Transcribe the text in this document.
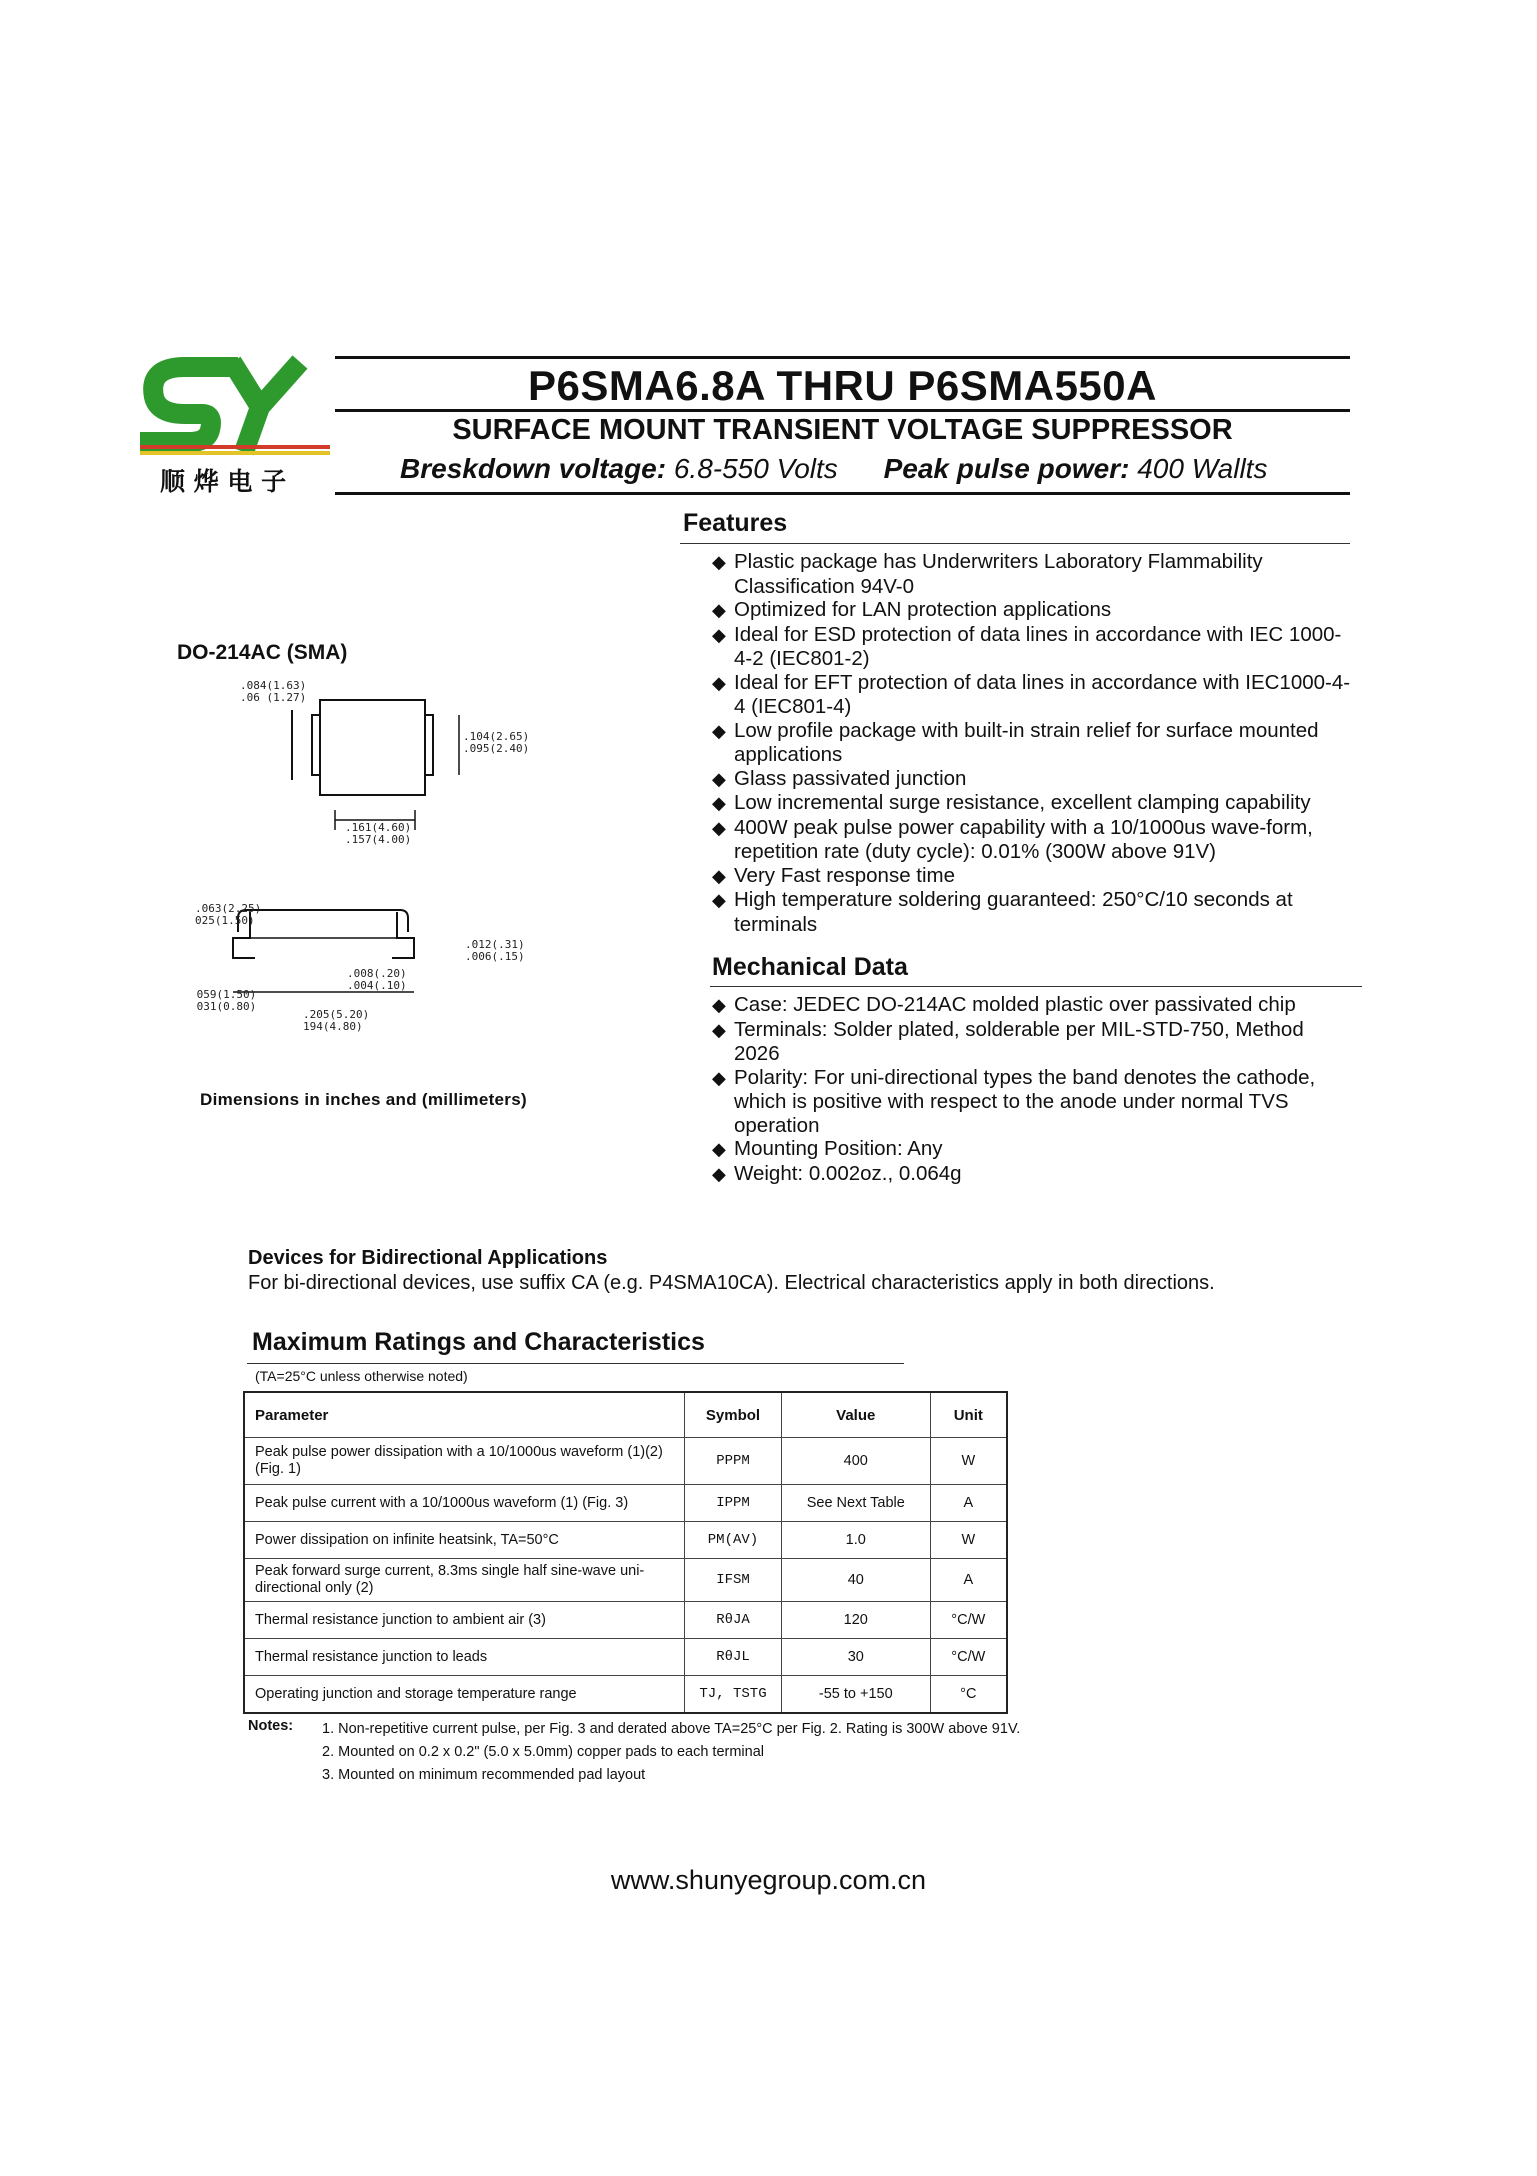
顺 烨 电 子
P6SMA6.8A THRU P6SMA550A
SURFACE MOUNT TRANSIENT VOLTAGE SUPPRESSOR
Breskdown voltage: 6.8-550 Volts Peak pulse power: 400 Wallts
Features
◆ Plastic package has Underwriters Laboratory Flammability Classification 94V-0
◆ Optimized for LAN protection applications
◆ Ideal for ESD protection of data lines in accordance with IEC 1000-4-2 (IEC801-2)
◆ Ideal for EFT protection of data lines in accordance with IEC1000-4-4 (IEC801-4)
◆ Low profile package with built-in strain relief for surface mounted applications
◆ Glass passivated junction
◆ Low incremental surge resistance, excellent clamping capability
◆ 400W peak pulse power capability with a 10/1000us wave-form, repetition rate (duty cycle): 0.01% (300W above 91V)
◆ Very Fast response time
◆ High temperature soldering guaranteed: 250°C/10 seconds at terminals
DO-214AC (SMA)
.084(1.63)
.06 (1.27)
.104(2.65)
.095(2.40)
.161(4.60)
.157(4.00)
.063(2.25)
025(1.50)
.012(.31)
.006(.15)
.008(.20)
.004(.10)
.059(1.50)
.031(0.80)
.205(5.20)
194(4.80)
Dimensions in inches and (millimeters)
Mechanical Data
◆ Case: JEDEC DO-214AC molded plastic over passivated chip
◆ Terminals: Solder plated, solderable per MIL-STD-750, Method 2026
◆ Polarity: For uni-directional types the band denotes the cathode, which is positive with respect to the anode under normal TVS operation
◆ Mounting Position: Any
◆ Weight: 0.002oz., 0.064g
Devices for Bidirectional Applications
For bi-directional devices, use suffix CA (e.g. P4SMA10CA). Electrical characteristics apply in both directions.
Maximum Ratings and Characteristics
(TA=25°C unless otherwise noted)
Parameter	Symbol	Value	Unit
Peak pulse power dissipation with a 10/1000us waveform (1)(2) (Fig. 1)	PPPM	400	W
Peak pulse current with a 10/1000us waveform (1) (Fig. 3)	IPPM	See Next Table	A
Power dissipation on infinite heatsink, TA=50°C	PM(AV)	1.0	W
Peak forward surge current, 8.3ms single half sine-wave uni-directional only (2)	IFSM	40	A
Thermal resistance junction to ambient air (3)	RθJA	120	°C/W
Thermal resistance junction to leads	RθJL	30	°C/W
Operating junction and storage temperature range	TJ, TSTG	-55 to +150	°C
Notes: 1. Non-repetitive current pulse, per Fig. 3 and derated above TA=25°C per Fig. 2. Rating is 300W above 91V.
2. Mounted on 0.2 x 0.2" (5.0 x 5.0mm) copper pads to each terminal
3. Mounted on minimum recommended pad layout
www.shunyegroup.com.cn
